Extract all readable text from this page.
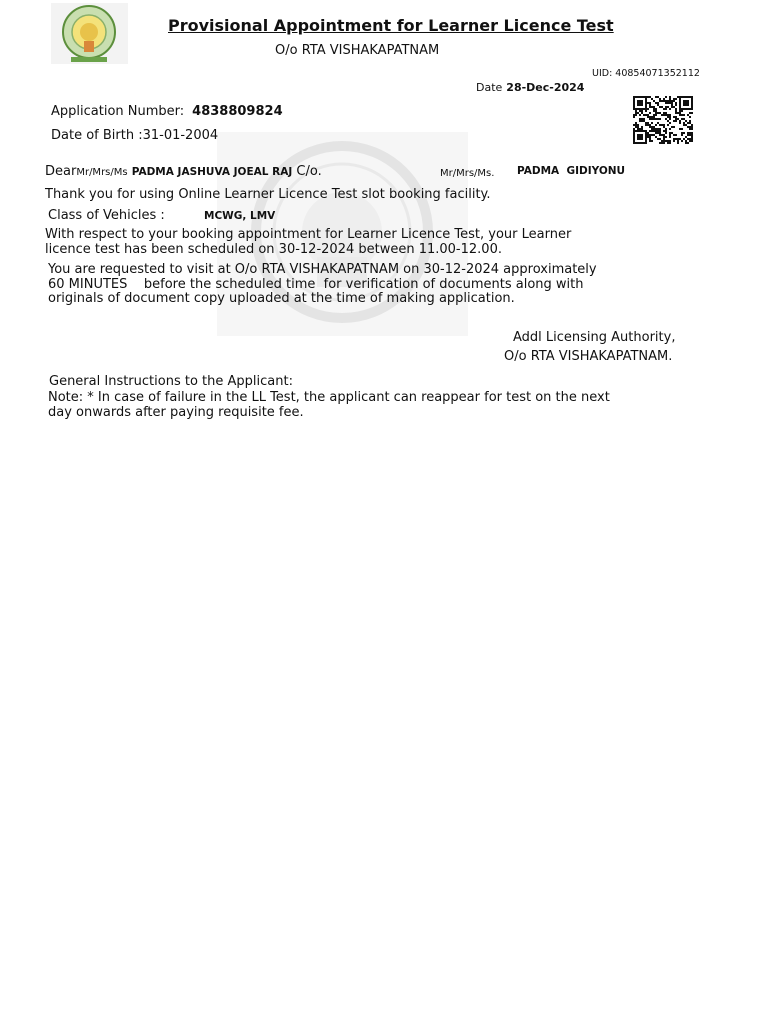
Provisional Appointment for Learner Licence Test
O/o RTA VISHAKAPATNAM
UID: 40854071352112
Date 28-Dec-2024
Application Number: 4838809824
Date of Birth :31-01-2004
DearMr/Mrs/Ms PADMA JASHUVA JOEAL RAJ C/o.	Mr/Mrs/Ms. PADMA  GIDIYONU
Thank you for using Online Learner Licence Test slot booking facility.
Class of Vehicles :	MCWG, LMV
With respect to your booking appointment for Learner Licence Test, your Learner
licence test has been scheduled on 30-12-2024 between 11.00-12.00.
You are requested to visit at O/o RTA VISHAKAPATNAM on 30-12-2024 approximately
60 MINUTES    before the scheduled time  for verification of documents along with
originals of document copy uploaded at the time of making application.
Addl Licensing Authority,
O/o RTA VISHAKAPATNAM.
General Instructions to the Applicant:
Note: * In case of failure in the LL Test, the applicant can reappear for test on the next
day onwards after paying requisite fee.
